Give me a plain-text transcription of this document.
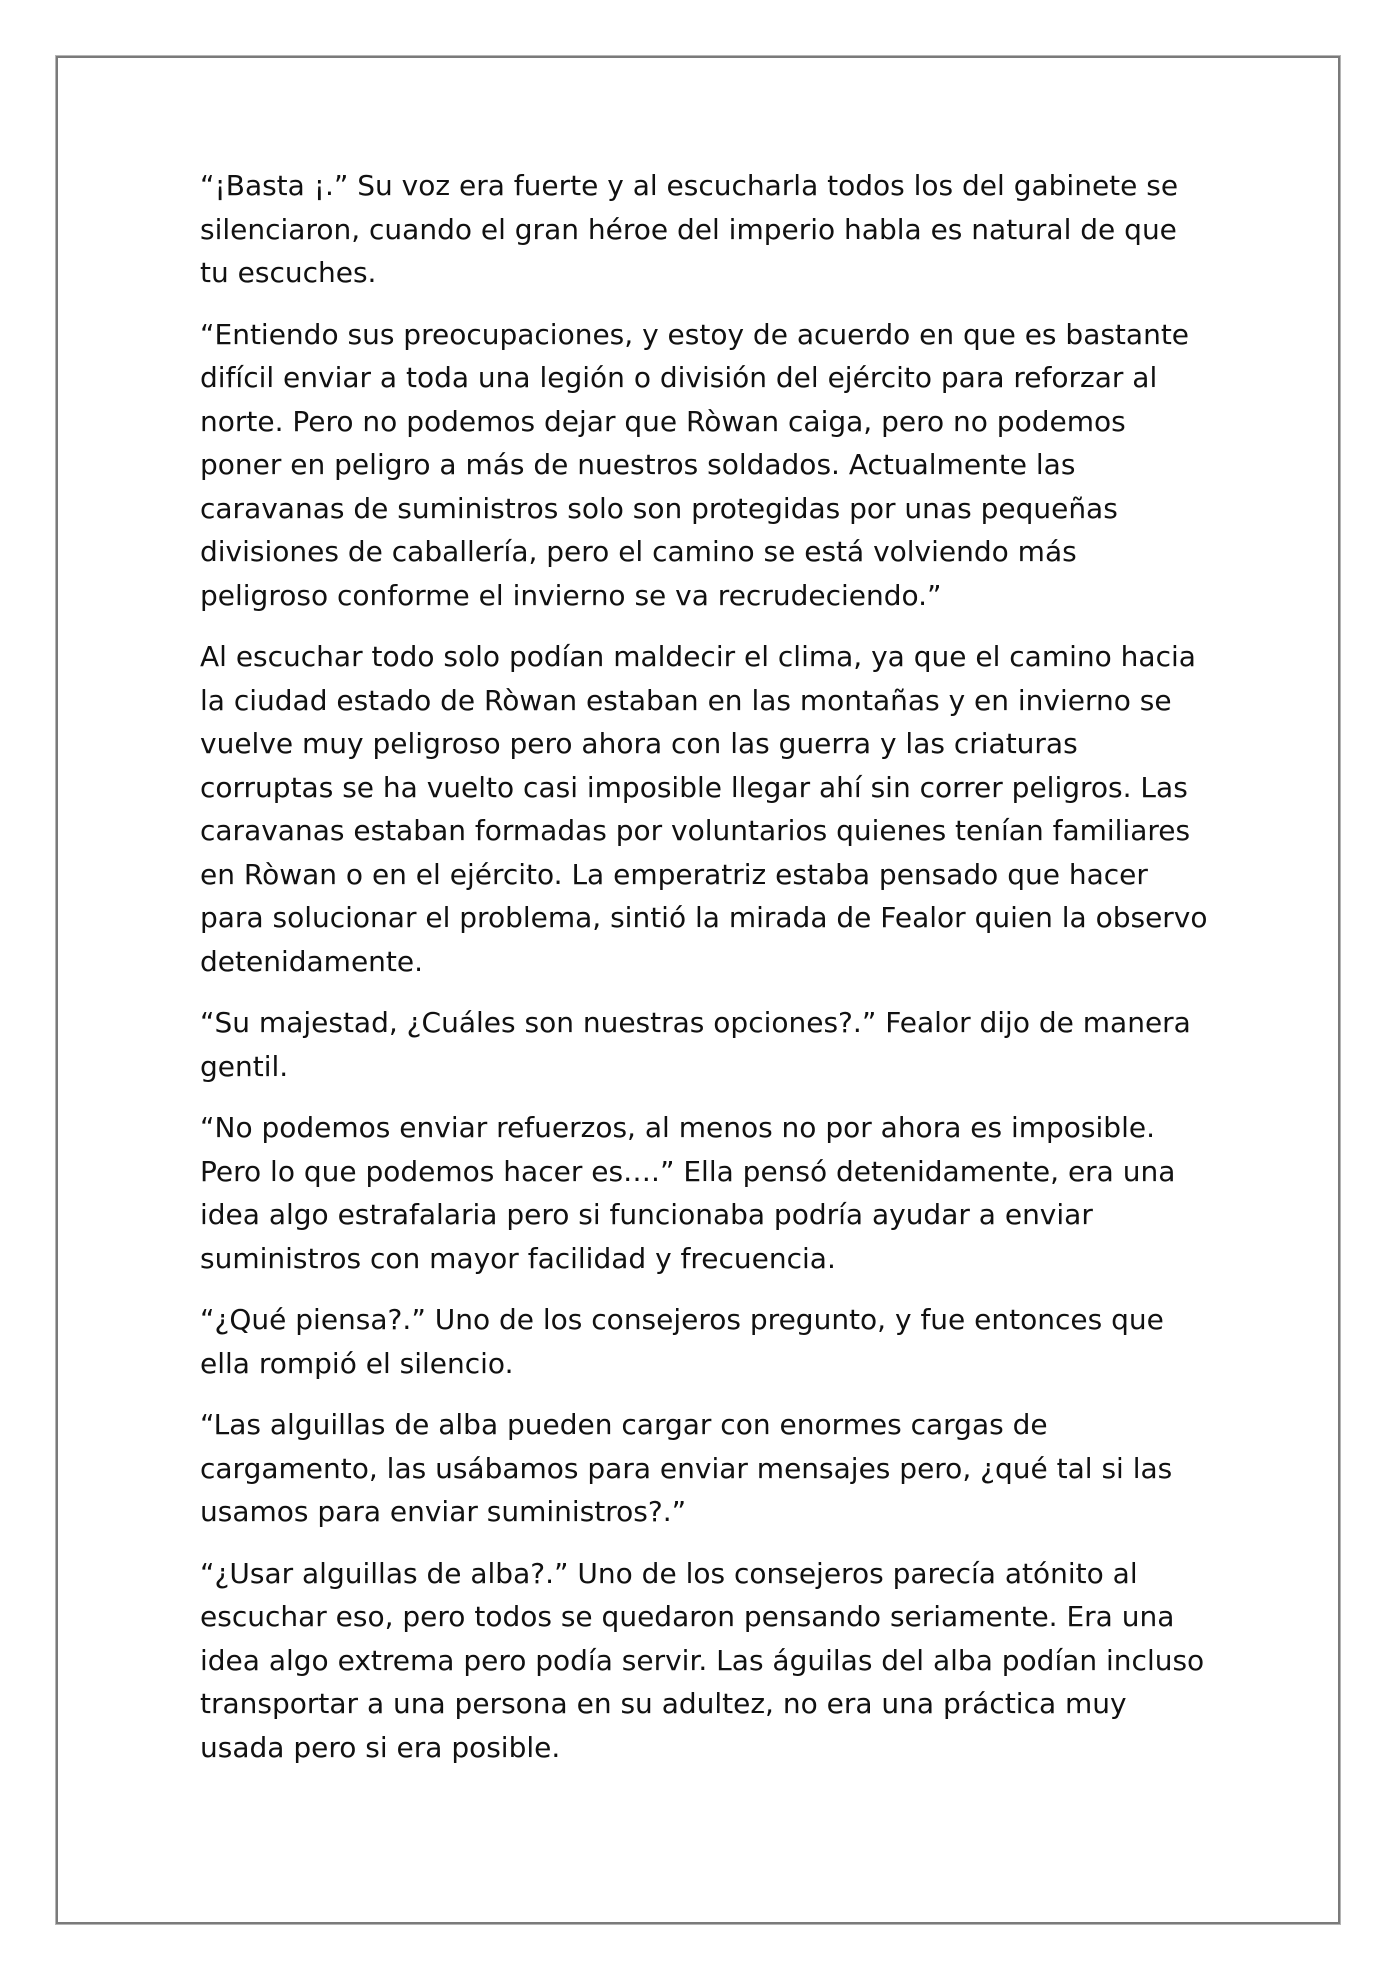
“¡Basta ¡.” Su voz era fuerte y al escucharla todos los del gabinete se silenciaron, cuando el gran héroe del imperio habla es natural de que tu escuches.

“Entiendo sus preocupaciones, y estoy de acuerdo en que es bastante difícil enviar a toda una legión o división del ejército para reforzar al norte. Pero no podemos dejar que Ròwan caiga, pero no podemos poner en peligro a más de nuestros soldados. Actualmente las caravanas de suministros solo son protegidas por unas pequeñas divisiones de caballería, pero el camino se está volviendo más peligroso conforme el invierno se va recrudeciendo.”

Al escuchar todo solo podían maldecir el clima, ya que el camino hacia la ciudad estado de Ròwan estaban en las montañas y en invierno se vuelve muy peligroso pero ahora con las guerra y las criaturas corruptas se ha vuelto casi imposible llegar ahí sin correr peligros. Las caravanas estaban formadas por voluntarios quienes tenían familiares en Ròwan o en el ejército. La emperatriz estaba pensado que hacer para solucionar el problema, sintió la mirada de Fealor quien la observo detenidamente.

“Su majestad, ¿Cuáles son nuestras opciones?.” Fealor dijo de manera gentil.

“No podemos enviar refuerzos, al menos no por ahora es imposible. Pero lo que podemos hacer es….” Ella pensó detenidamente, era una idea algo estrafalaria pero si funcionaba podría ayudar a enviar suministros con mayor facilidad y frecuencia.

“¿Qué piensa?.” Uno de los consejeros pregunto, y fue entonces que ella rompió el silencio.

“Las alguillas de alba pueden cargar con enormes cargas de cargamento, las usábamos para enviar mensajes pero, ¿qué tal si las usamos para enviar suministros?.”

“¿Usar alguillas de alba?.” Uno de los consejeros parecía atónito al escuchar eso, pero todos se quedaron pensando seriamente. Era una idea algo extrema pero podía servir. Las águilas del alba podían incluso transportar a una persona en su adultez, no era una práctica muy usada pero si era posible.
